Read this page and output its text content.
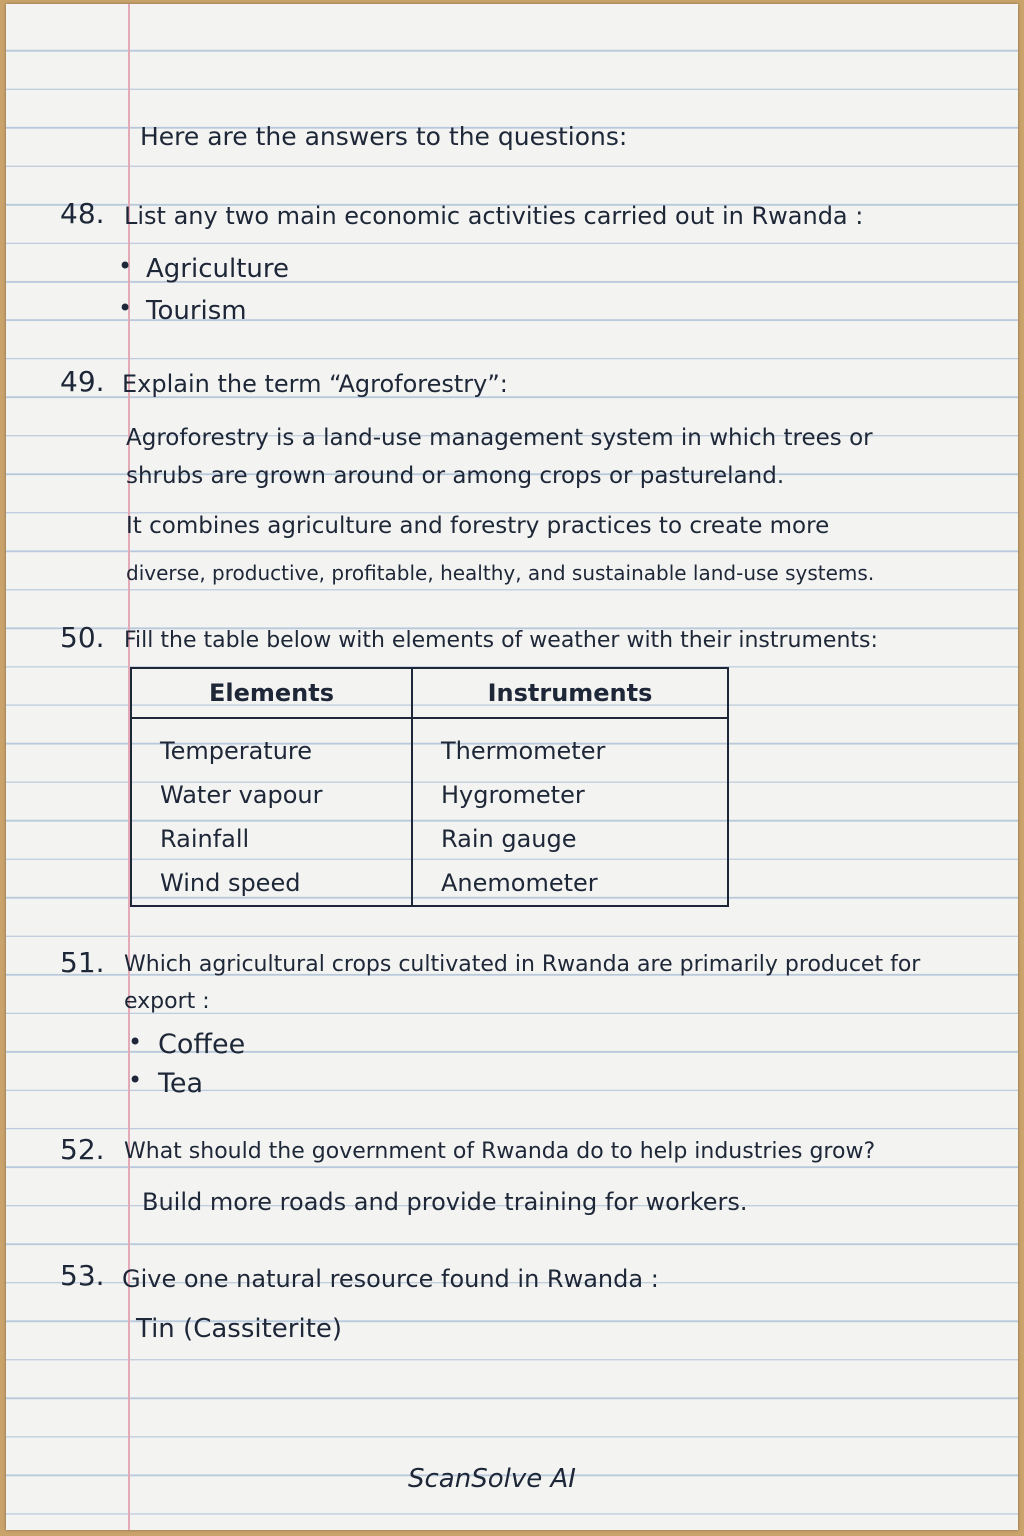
Here are the answers to the questions:
48. List any two main economic activities carried out in Rwanda :
• Agriculture
• Tourism
49. Explain the term “Agroforestry”:
Agroforestry is a land-use management system in which trees or
shrubs are grown around or among crops or pastureland.
It combines agriculture and forestry practices to create more
diverse, productive, profitable, healthy, and sustainable land-use systems.
50. Fill the table below with elements of weather with their instruments:
Elements	Instruments
Temperature	Thermometer
Water vapour	Hygrometer
Rainfall	Rain gauge
Wind speed	Anemometer
51. Which agricultural crops cultivated in Rwanda are primarily producet for
export :
• Coffee
• Tea
52. What should the government of Rwanda do to help industries grow?
Build more roads and provide training for workers.
53. Give one natural resource found in Rwanda :
Tin (Cassiterite)
ScanSolve AI
